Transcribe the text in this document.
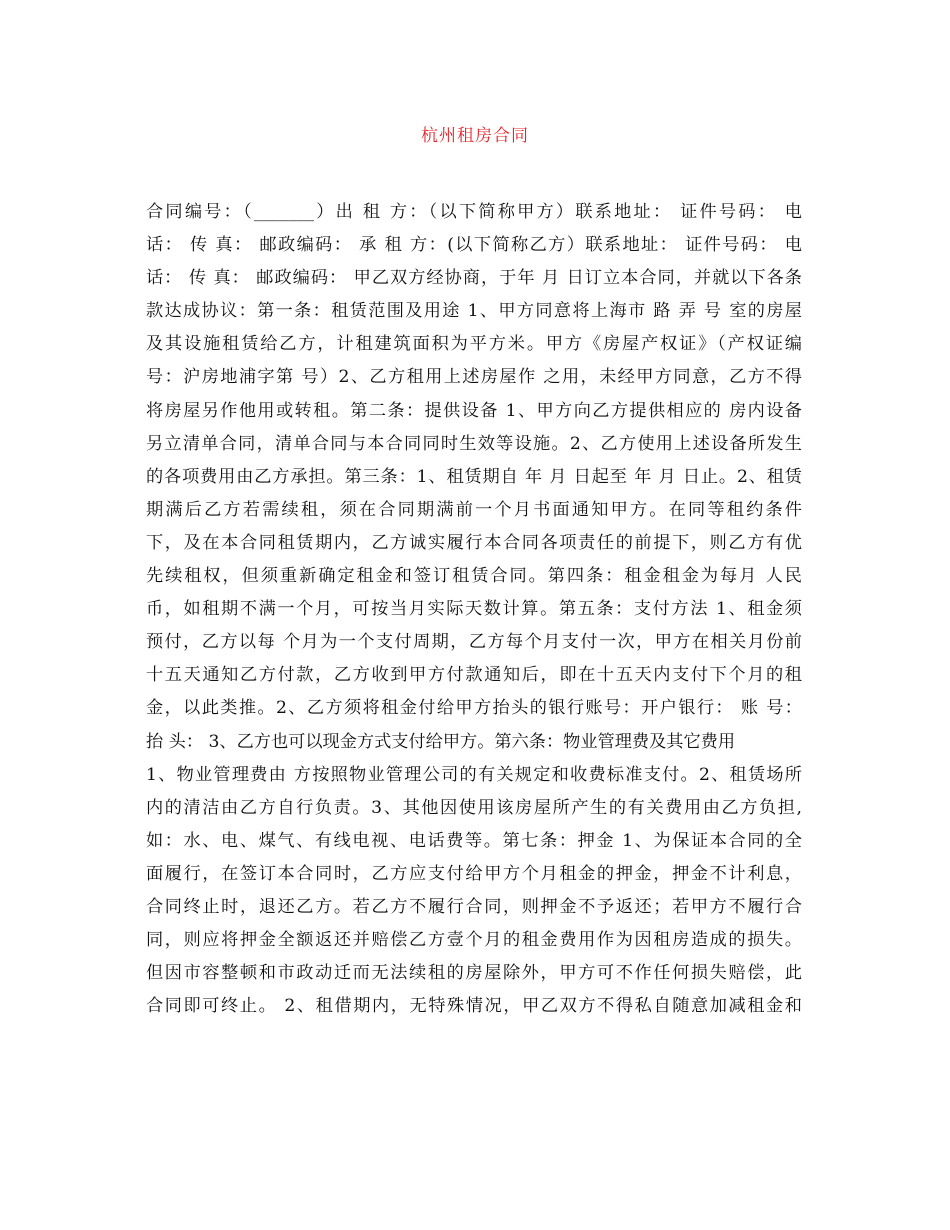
杭州租房合同
合同编号：（_______）出 租 方：（以下简称甲方）联系地址： 证件号码： 电
话： 传 真： 邮政编码： 承 租 方：(以下简称乙方）联系地址： 证件号码： 电
话： 传 真： 邮政编码： 甲乙双方经协商，于年 月 日订立本合同，并就以下各条
款达成协议：第一条：租赁范围及用途 1、甲方同意将上海市 路 弄 号 室的房屋
及其设施租赁给乙方，计租建筑面积为平方米。甲方《房屋产权证》（产权证编
号：沪房地浦字第 号）2、乙方租用上述房屋作 之用，未经甲方同意，乙方不得
将房屋另作他用或转租。第二条：提供设备 1、甲方向乙方提供相应的 房内设备
另立清单合同，清单合同与本合同同时生效等设施。2、乙方使用上述设备所发生
的各项费用由乙方承担。第三条：1、租赁期自 年 月 日起至 年 月 日止。2、租赁
期满后乙方若需续租，须在合同期满前一个月书面通知甲方。在同等租约条件
下，及在本合同租赁期内，乙方诚实履行本合同各项责任的前提下，则乙方有优
先续租权，但须重新确定租金和签订租赁合同。第四条：租金租金为每月 人民
币，如租期不满一个月，可按当月实际天数计算。第五条：支付方法 1、租金须
预付，乙方以每 个月为一个支付周期，乙方每个月支付一次，甲方在相关月份前
十五天通知乙方付款，乙方收到甲方付款通知后，即在十五天内支付下个月的租
金，以此类推。2、乙方须将租金付给甲方抬头的银行账号：开户银行： 账 号：
抬 头： 3、乙方也可以现金方式支付给甲方。第六条：物业管理费及其它费用
1、物业管理费由 方按照物业管理公司的有关规定和收费标准支付。2、租赁场所
内的清洁由乙方自行负责。3、其他因使用该房屋所产生的有关费用由乙方负担,
如：水、电、煤气、有线电视、电话费等。第七条：押金 1、为保证本合同的全
面履行，在签订本合同时，乙方应支付给甲方个月租金的押金，押金不计利息，
合同终止时，退还乙方。若乙方不履行合同，则押金不予返还；若甲方不履行合
同，则应将押金全额返还并赔偿乙方壹个月的租金费用作为因租房造成的损失。
但因市容整顿和市政动迁而无法续租的房屋除外，甲方可不作任何损失赔偿，此
合同即可终止。 2、租借期内，无特殊情况，甲乙双方不得私自随意加减租金和
